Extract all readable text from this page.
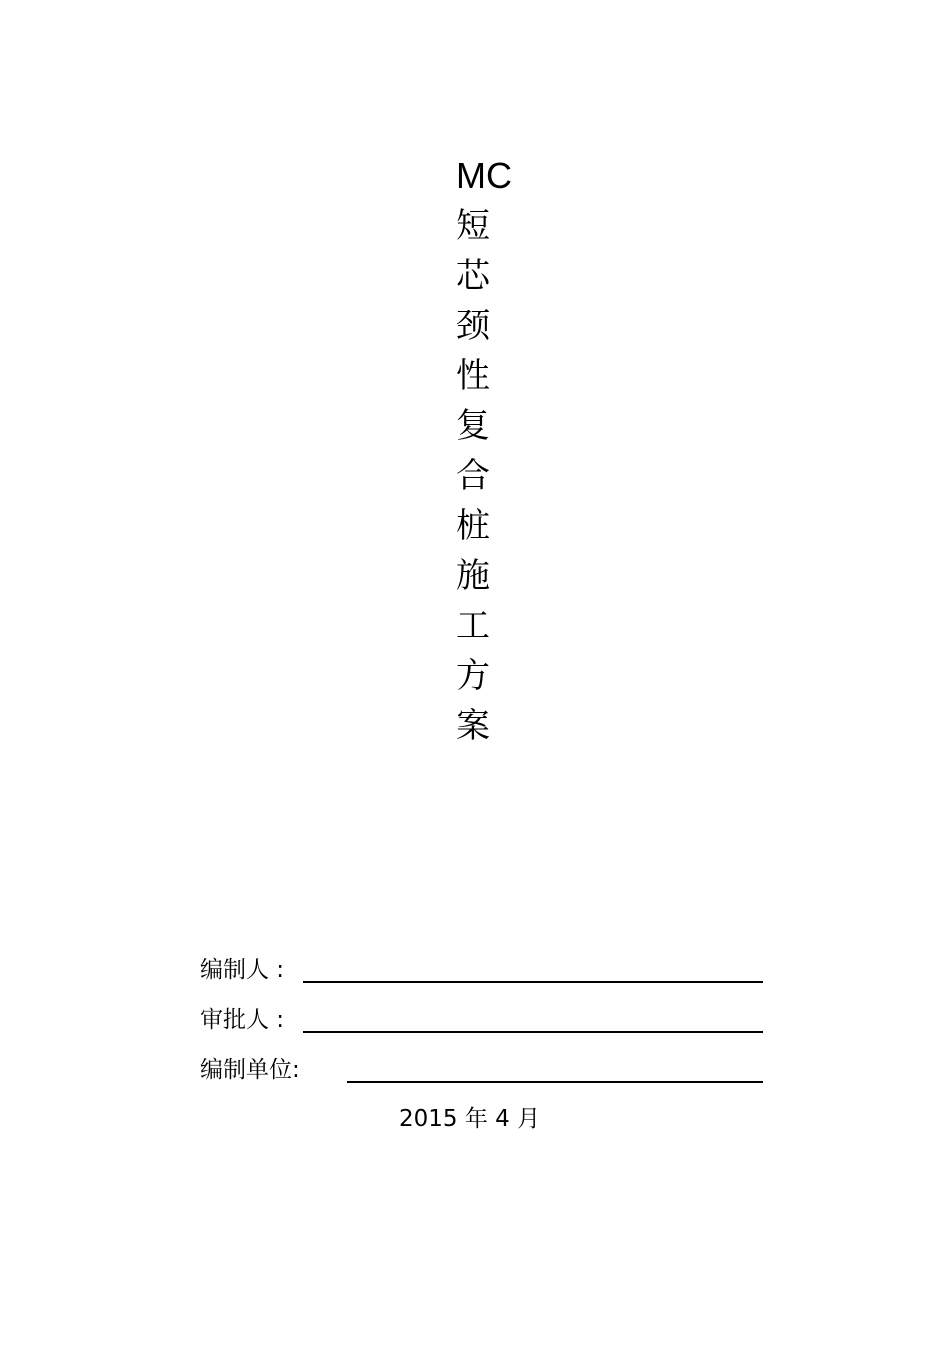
MC
短
芯
颈
性
复
合
桩
施
工
方
案
编制人 :
审批人 :
编制单位:
2015 年 4 月
